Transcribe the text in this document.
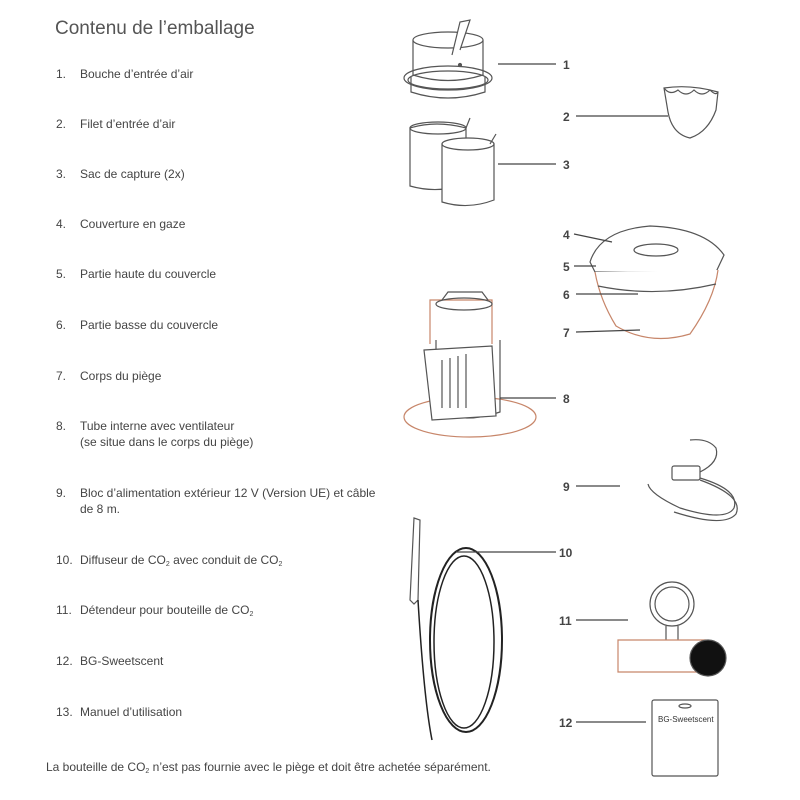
Contenu de l’emballage
1. Bouche d’entrée d’air
2. Filet d’entrée d’air
3. Sac de capture (2x)
4. Couverture en gaze
5. Partie haute du couvercle
6. Partie basse du couvercle
7. Corps du piège
8. Tube interne avec ventilateur
(se situe dans le corps du piège)
9. Bloc d’alimentation extérieur 12 V (Version UE) et câble
de 8 m.
10. Diffuseur de $CO_2$ avec conduit de $CO_2$
11. Détendeur pour bouteille de $CO_2$
12. BG-Sweetscent
13. Manuel d’utilisation
La bouteille de $CO_2$ n’est pas fournie avec le piège et doit être achetée séparément.
1
2
3
4
5
6
7
8
9
10
11
12	BG-Sweetscent
